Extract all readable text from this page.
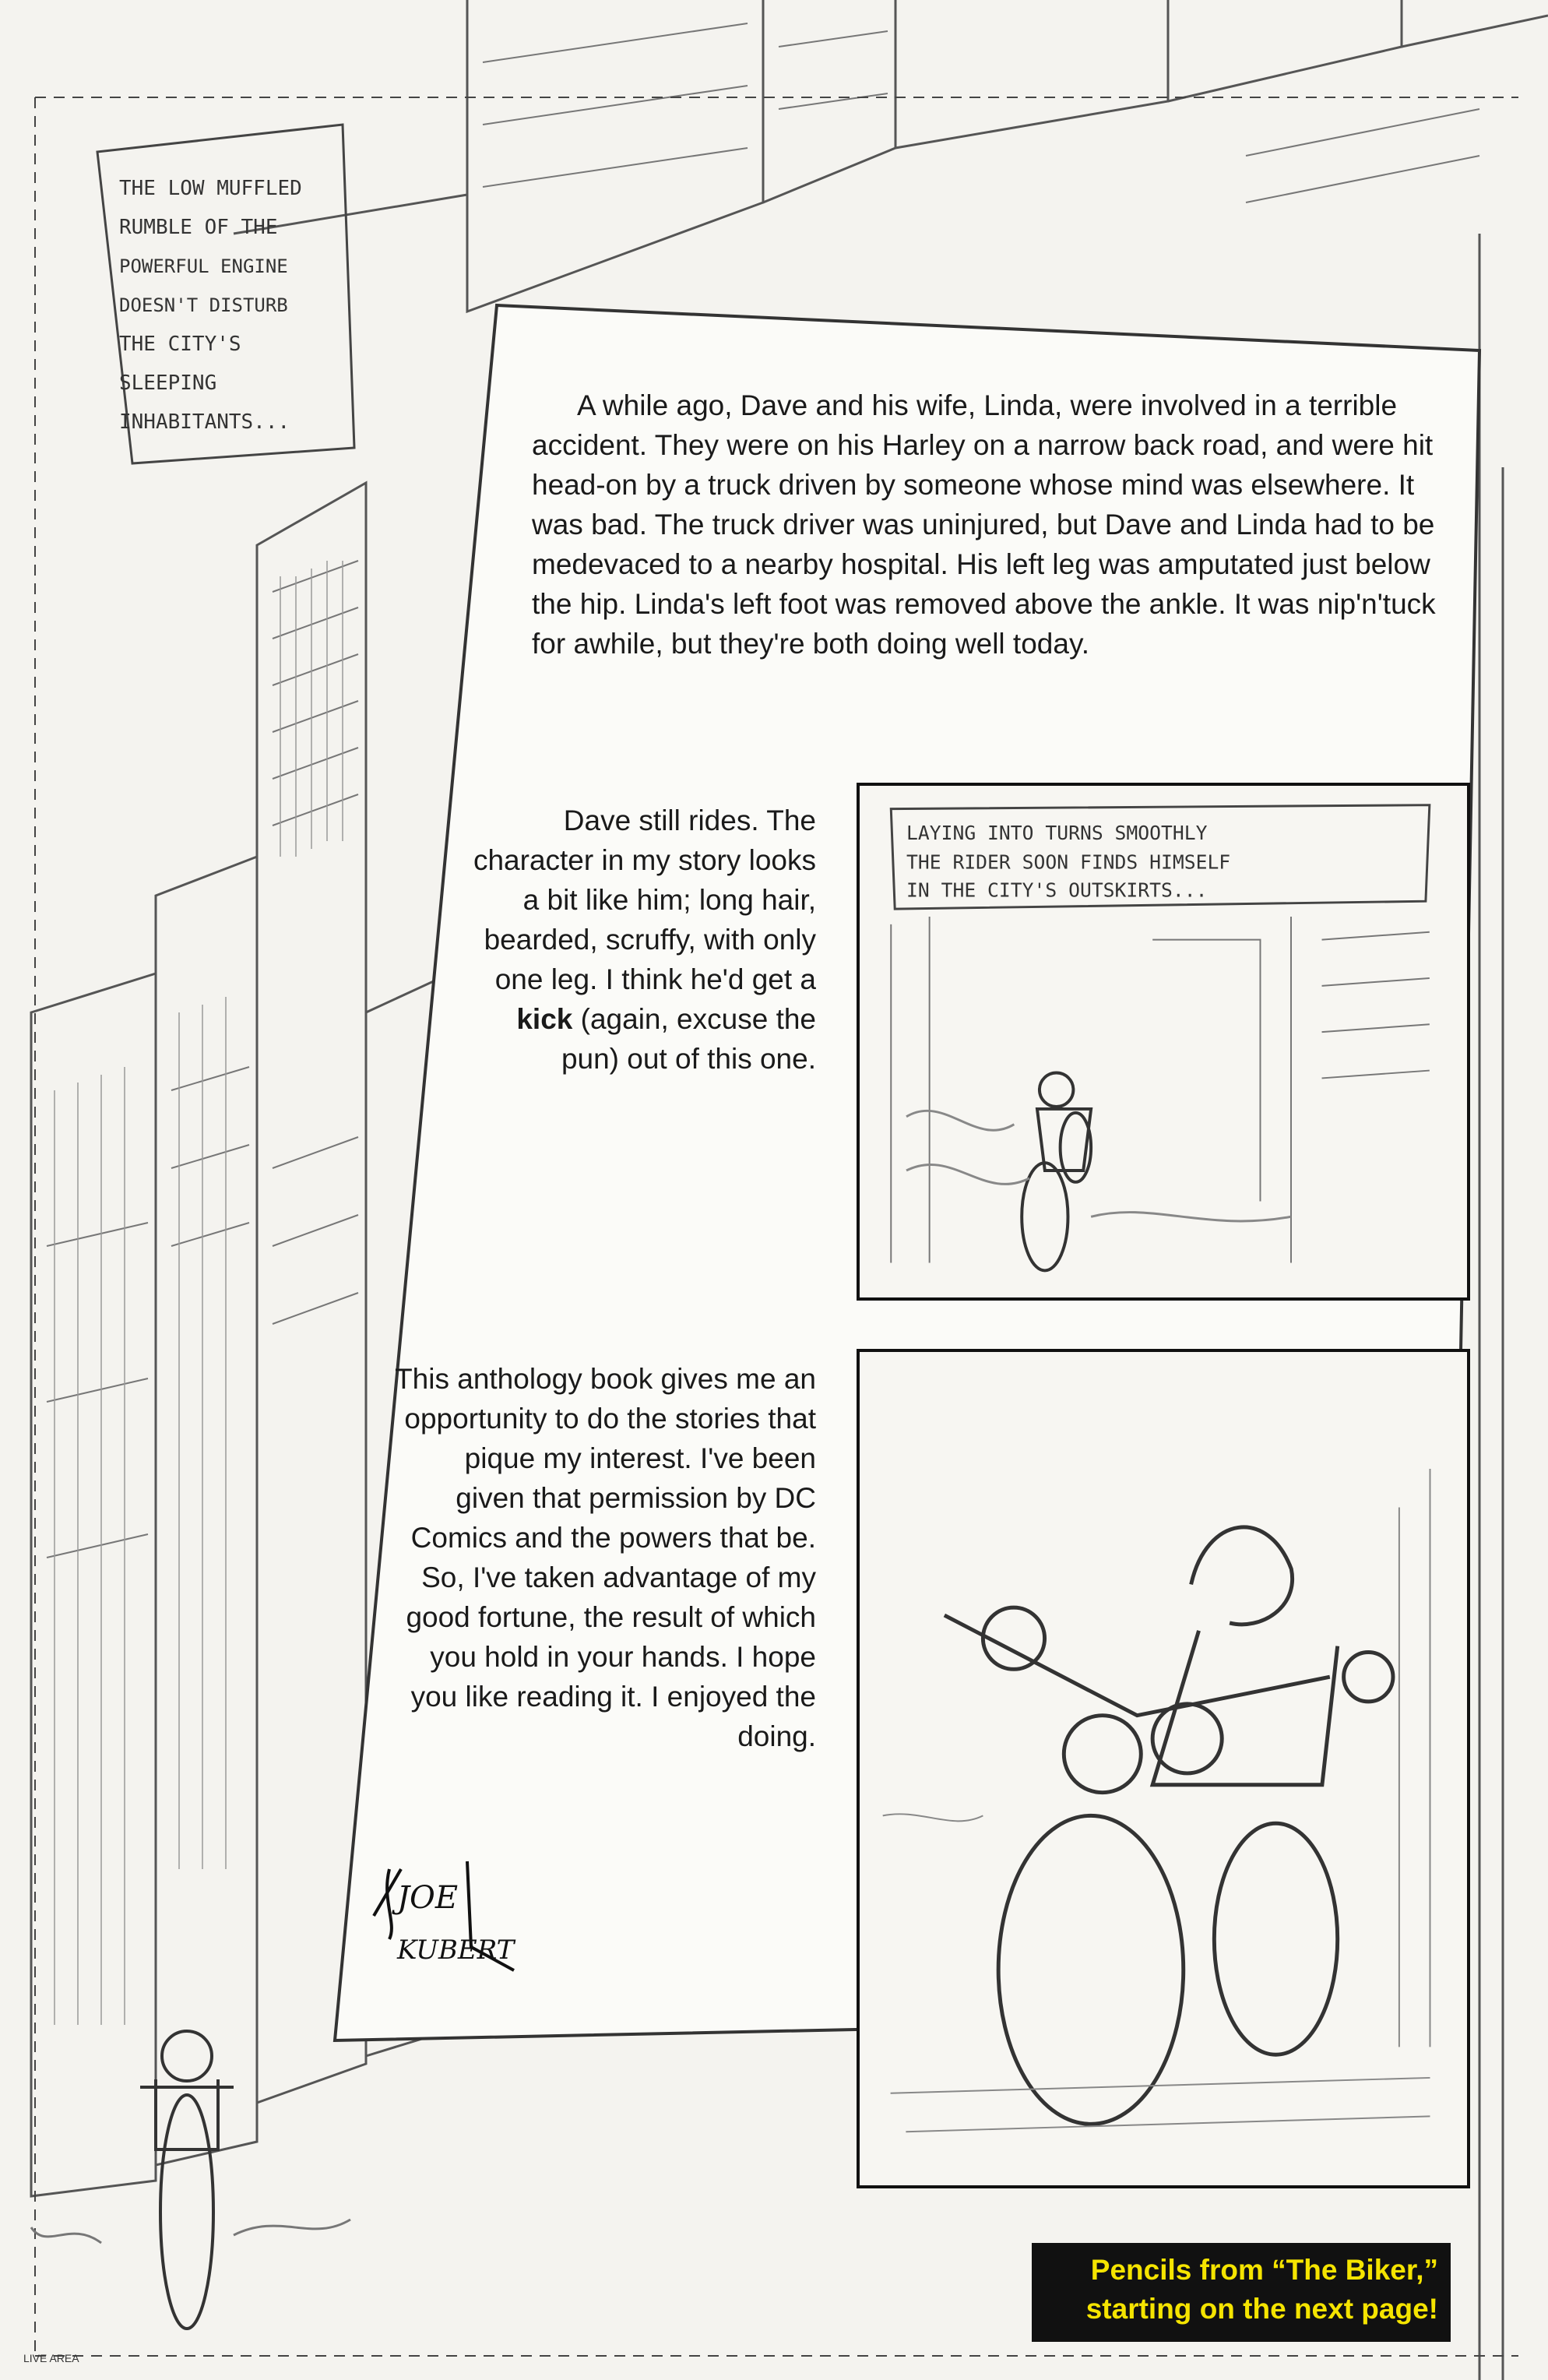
THE LOW MUFFLED
RUMBLE OF THE
POWERFUL ENGINE
DOESN'T DISTURB
THE CITY'S
SLEEPING
INHABITANTS...

A while ago, Dave and his wife, Linda, were involved in a terrible accident. They were on his Harley on a narrow back road, and were hit head-on by a truck driven by someone whose mind was elsewhere. It was bad. The truck driver was uninjured, but Dave and Linda had to be medevaced to a nearby hospital. His left leg was amputated just below the hip. Linda's left foot was removed above the ankle. It was nip'n'tuck for awhile, but they're both doing well today.

Dave still rides. The character in my story looks a bit like him; long hair, bearded, scruffy, with only one leg. I think he'd get a kick (again, excuse the pun) out of this one.

This anthology book gives me an opportunity to do the stories that pique my interest. I've been given that permission by DC Comics and the powers that be. So, I've taken advantage of my good fortune, the result of which you hold in your hands. I hope you like reading it. I enjoyed the doing.

JOE
KUBERT
LAYING INTO TURNS SMOOTHLY
THE RIDER SOON FINDS HIMSELF
IN THE CITY'S OUTSKIRTS...
Pencils from “The Biker,”
starting on the next page!
LIVE AREA
